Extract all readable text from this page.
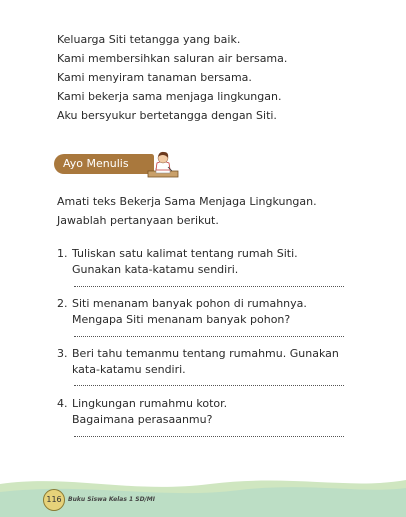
Keluarga Siti tetangga yang baik.
Kami membersihkan saluran air bersama.
Kami menyiram tanaman bersama.
Kami bekerja sama menjaga lingkungan.
Aku bersyukur bertetangga dengan Siti.
Ayo Menulis
Amati teks Bekerja Sama Menjaga Lingkungan.
Jawablah pertanyaan berikut.
1. Tuliskan satu kalimat tentang rumah Siti.
Gunakan kata-katamu sendiri.
2. Siti menanam banyak pohon di rumahnya.
Mengapa Siti menanam banyak pohon?
3. Beri tahu temanmu tentang rumahmu. Gunakan
kata-katamu sendiri.
4. Lingkungan rumahmu kotor.
Bagaimana perasaanmu?
116	Buku Siswa Kelas 1 SD/MI
